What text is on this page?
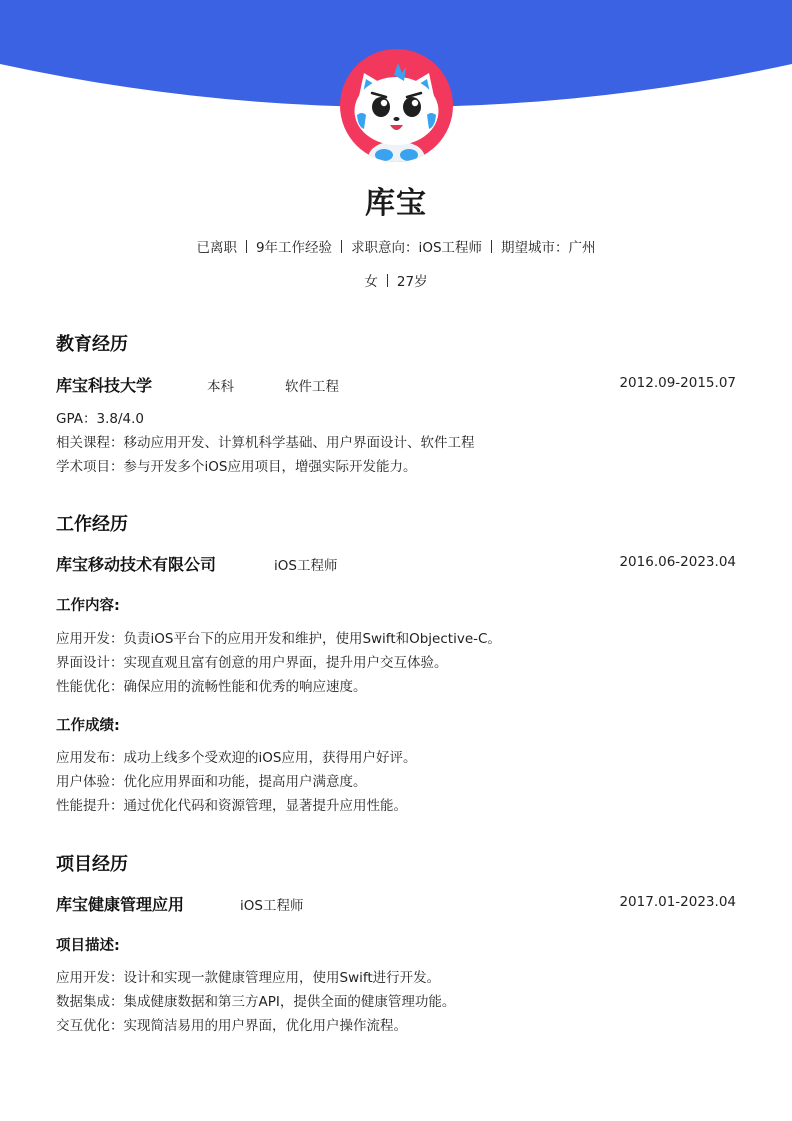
库宝
已离职 9年工作经验 求职意向：iOS工程师 期望城市：广州
女 27岁
教育经历
库宝科技大学	本科	软件工程	2012.09-2015.07
GPA：3.8/4.0
相关课程：移动应用开发、计算机科学基础、用户界面设计、软件工程
学术项目：参与开发多个iOS应用项目，增强实际开发能力。
工作经历
库宝移动技术有限公司	iOS工程师	2016.06-2023.04
工作内容:
应用开发：负责iOS平台下的应用开发和维护，使用Swift和Objective-C。
界面设计：实现直观且富有创意的用户界面，提升用户交互体验。
性能优化：确保应用的流畅性能和优秀的响应速度。
工作成绩:
应用发布：成功上线多个受欢迎的iOS应用，获得用户好评。
用户体验：优化应用界面和功能，提高用户满意度。
性能提升：通过优化代码和资源管理，显著提升应用性能。
项目经历
库宝健康管理应用	iOS工程师	2017.01-2023.04
项目描述:
应用开发：设计和实现一款健康管理应用，使用Swift进行开发。
数据集成：集成健康数据和第三方API，提供全面的健康管理功能。
交互优化：实现简洁易用的用户界面，优化用户操作流程。
